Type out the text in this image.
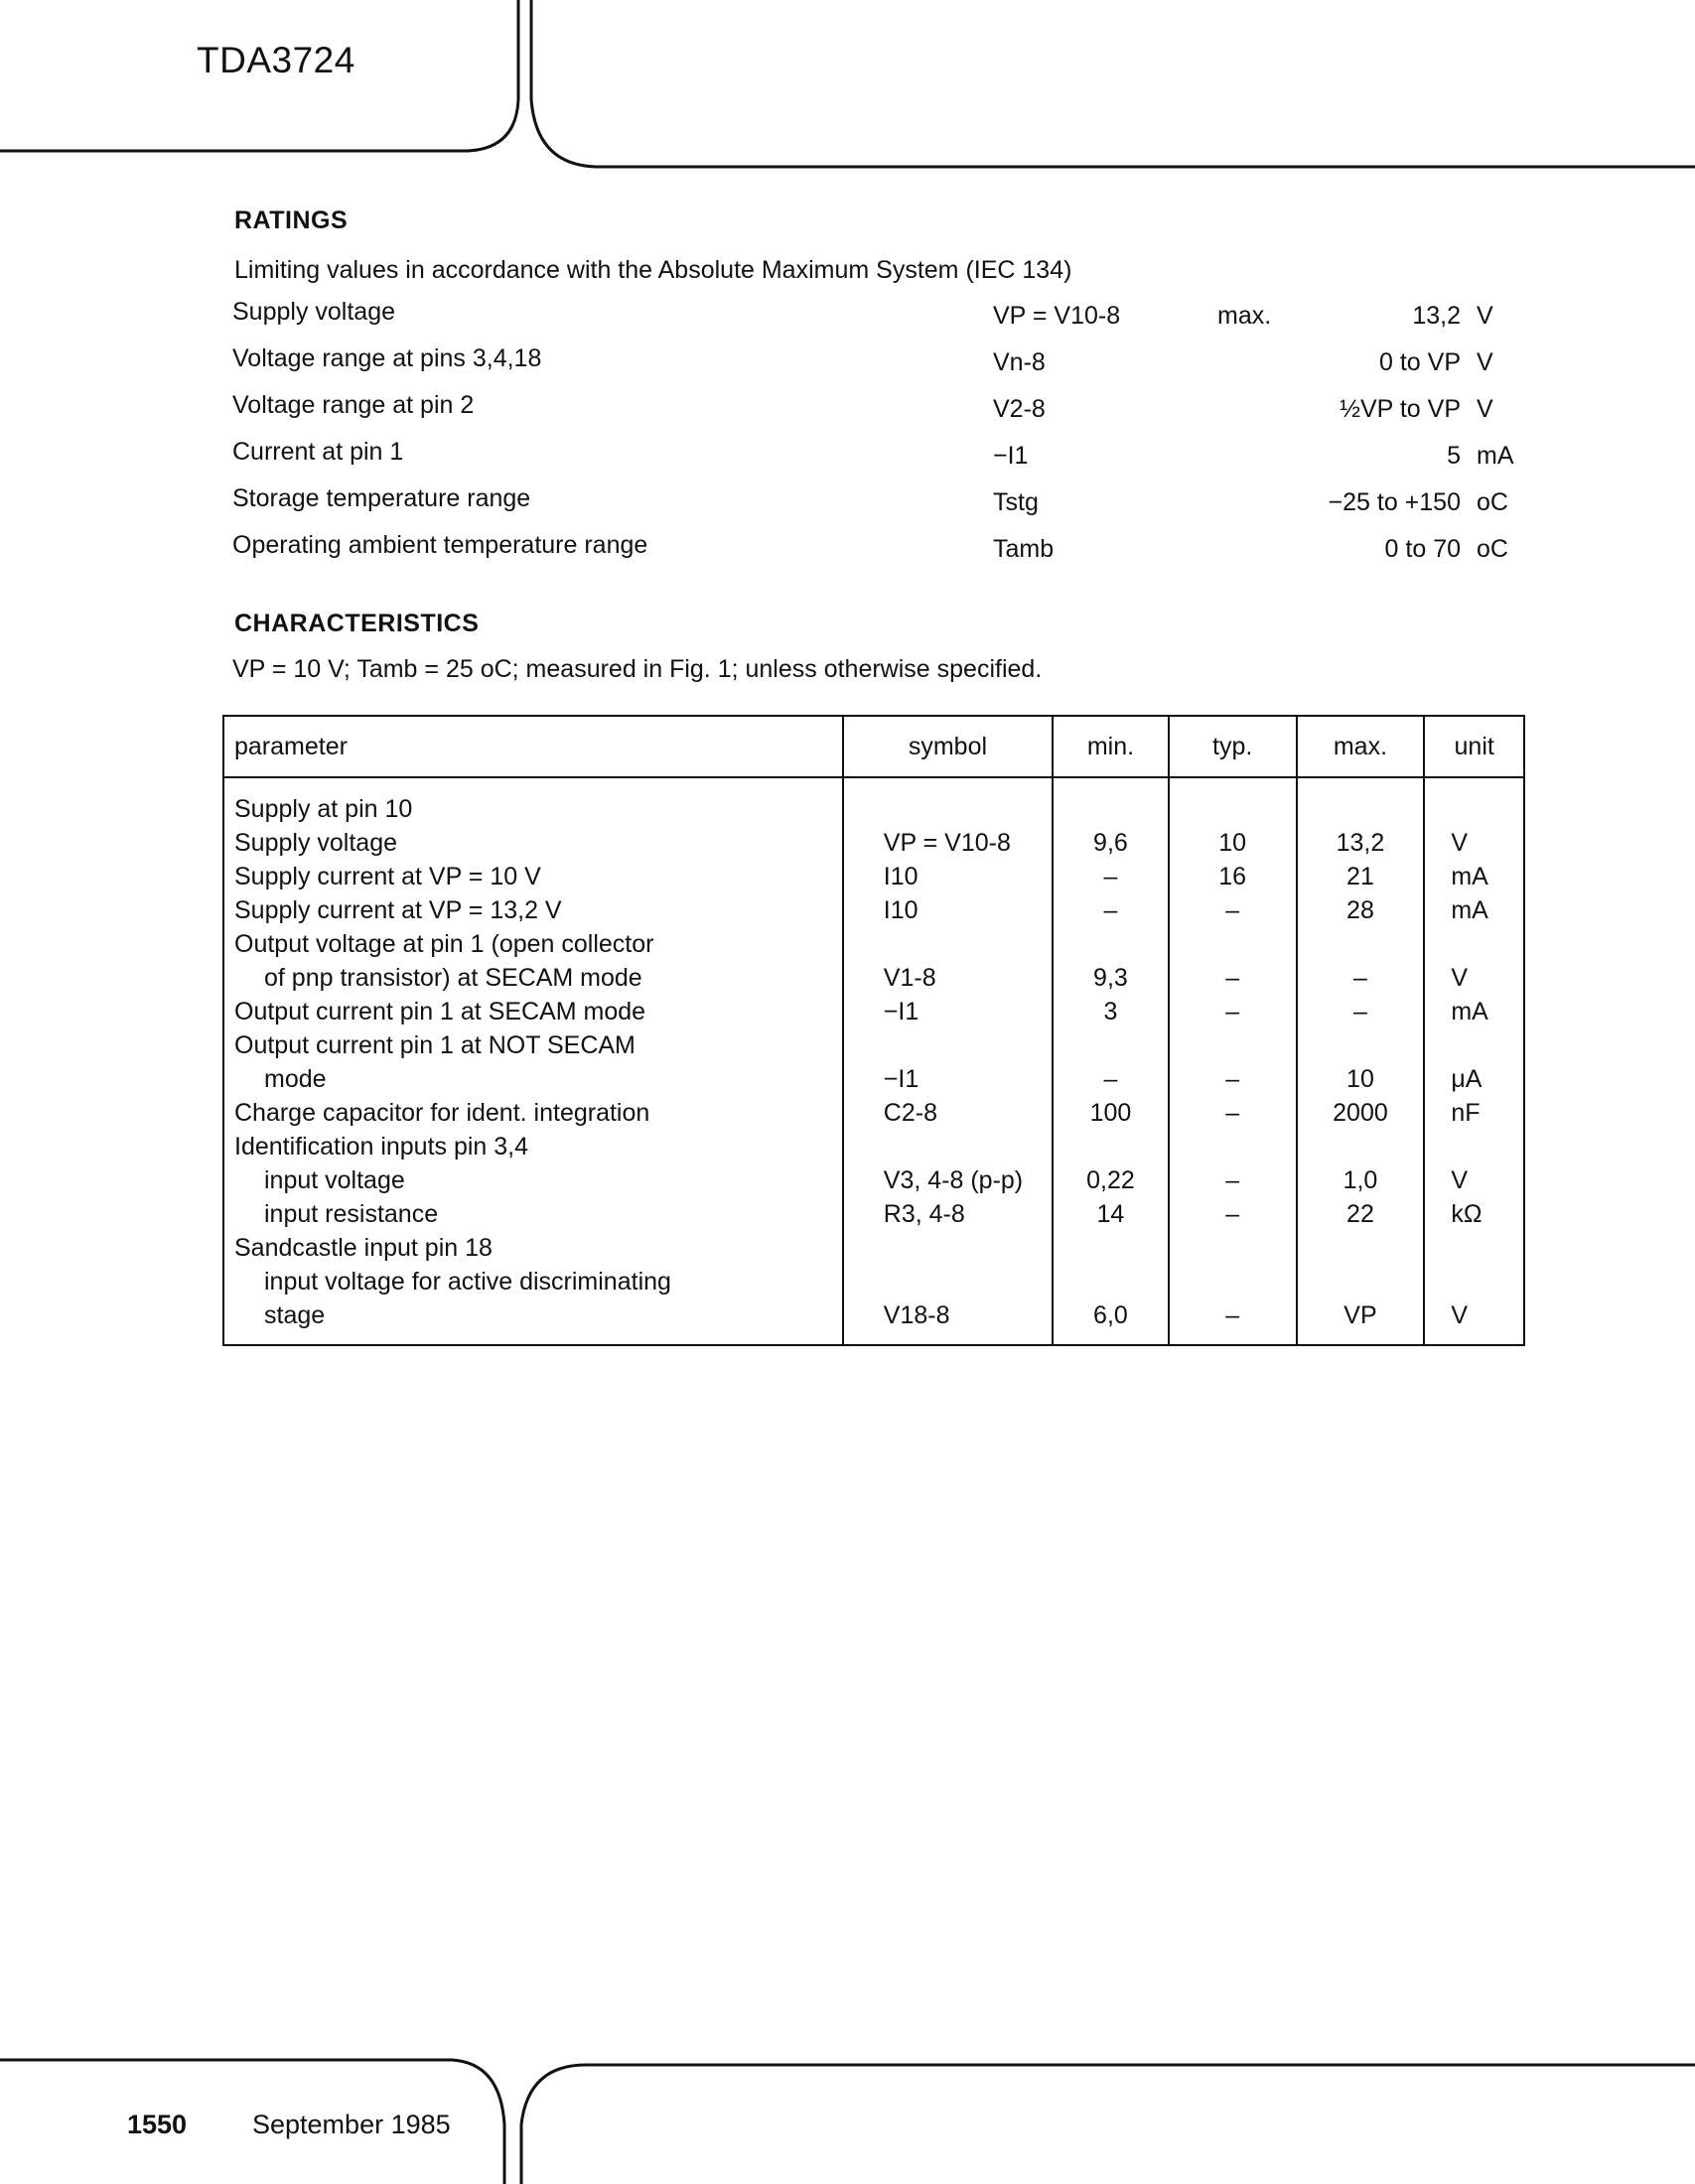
TDA3724
RATINGS
Limiting values in accordance with the Absolute Maximum System (IEC 134)
Supply voltage	VP = V10-8	max.	13,2 V
Voltage range at pins 3,4,18	Vn-8	0 to VP V
Voltage range at pin 2	V2-8	½VP to VP V
Current at pin 1	−I1	5 mA
Storage temperature range	Tstg	−25 to +150 oC
Operating ambient temperature range	Tamb	0 to 70 oC
CHARACTERISTICS
VP = 10 V; Tamb = 25 oC; measured in Fig. 1; unless otherwise specified.
parameter	symbol	min.	typ.	max.	unit
Supply at pin 10					
Supply voltage	VP = V10-8	9,6	10	13,2	V
Supply current at VP = 10 V	I10	–	16	21	mA
Supply current at VP = 13,2 V	I10	–	–	28	mA

Output voltage at pin 1 (open collector
of pnp transistor) at SECAM mode	V1-8	9,3	–	–	V
Output current pin 1 at SECAM mode	−I1	3	–	–	mA

Output current pin 1 at NOT SECAM
mode	−I1	–	–	10	μA
Charge capacitor for ident. integration	C2-8	100	–	2000	nF
Identification inputs pin 3,4					

input voltage	V3, 4-8 (p-p)	0,22	–	1,0	V

input resistance	R3, 4-8	14	–	22	kΩ
Sandcastle input pin 18					

input voltage for active discriminating
stage	V18-8	6,0	–	VP	V
1550 September 1985
